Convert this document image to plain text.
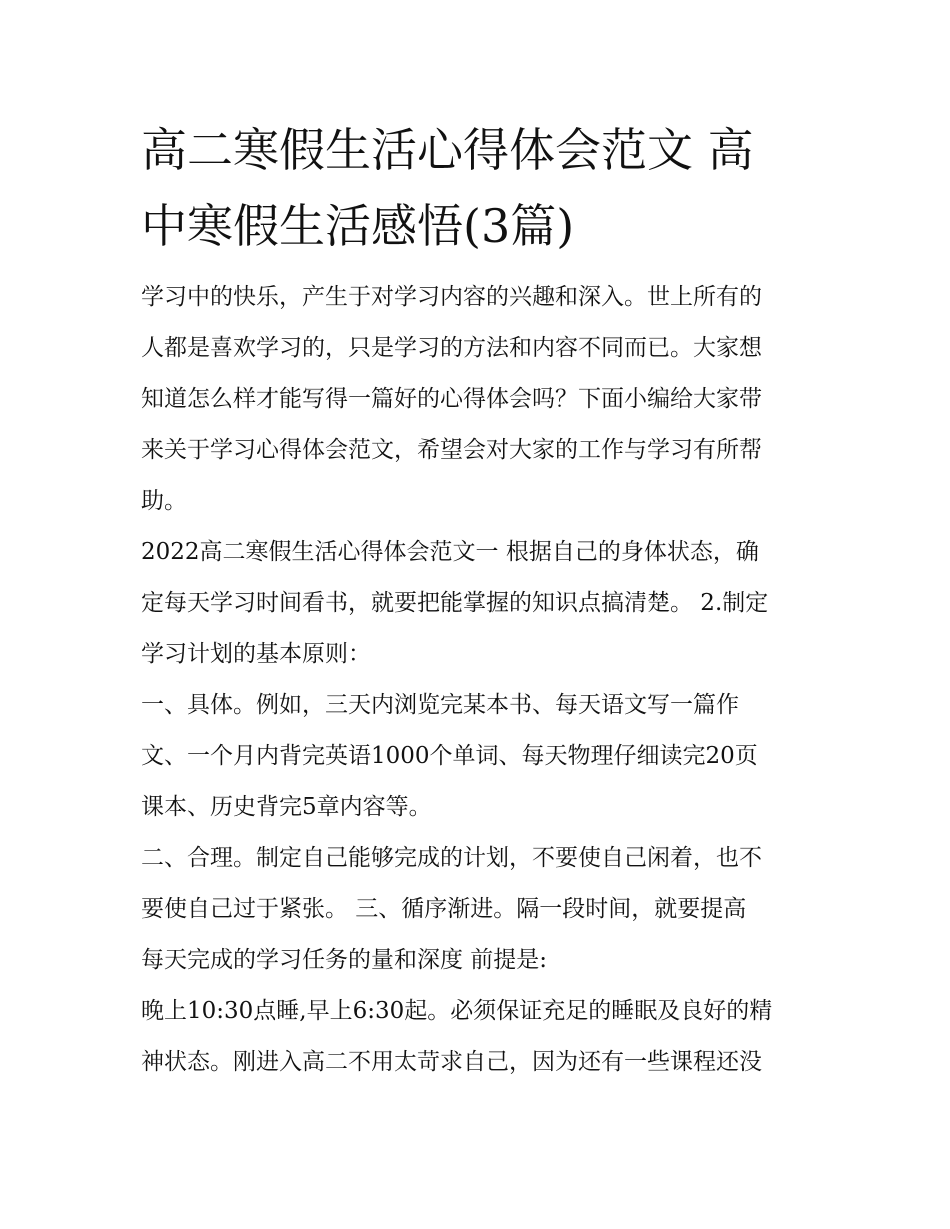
高二寒假生活心得体会范文 高
中寒假生活感悟(3篇)

学习中的快乐，产生于对学习内容的兴趣和深入。世上所有的
人都是喜欢学习的，只是学习的方法和内容不同而已。大家想
知道怎么样才能写得一篇好的心得体会吗？下面小编给大家带
来关于学习心得体会范文，希望会对大家的工作与学习有所帮
助。

2022高二寒假生活心得体会范文一 根据自己的身体状态，确
定每天学习时间看书，就要把能掌握的知识点搞清楚。 2.制定
学习计划的基本原则：

一、具体。例如，三天内浏览完某本书、每天语文写一篇作
文、一个月内背完英语1000个单词、每天物理仔细读完20页
课本、历史背完5章内容等。

二、合理。制定自己能够完成的计划，不要使自己闲着，也不
要使自己过于紧张。 三、循序渐进。隔一段时间，就要提高
每天完成的学习任务的量和深度 前提是:

晚上10:30点睡,早上6:30起。必须保证充足的睡眠及良好的精
神状态。刚进入高二不用太苛求自己，因为还有一些课程还没
